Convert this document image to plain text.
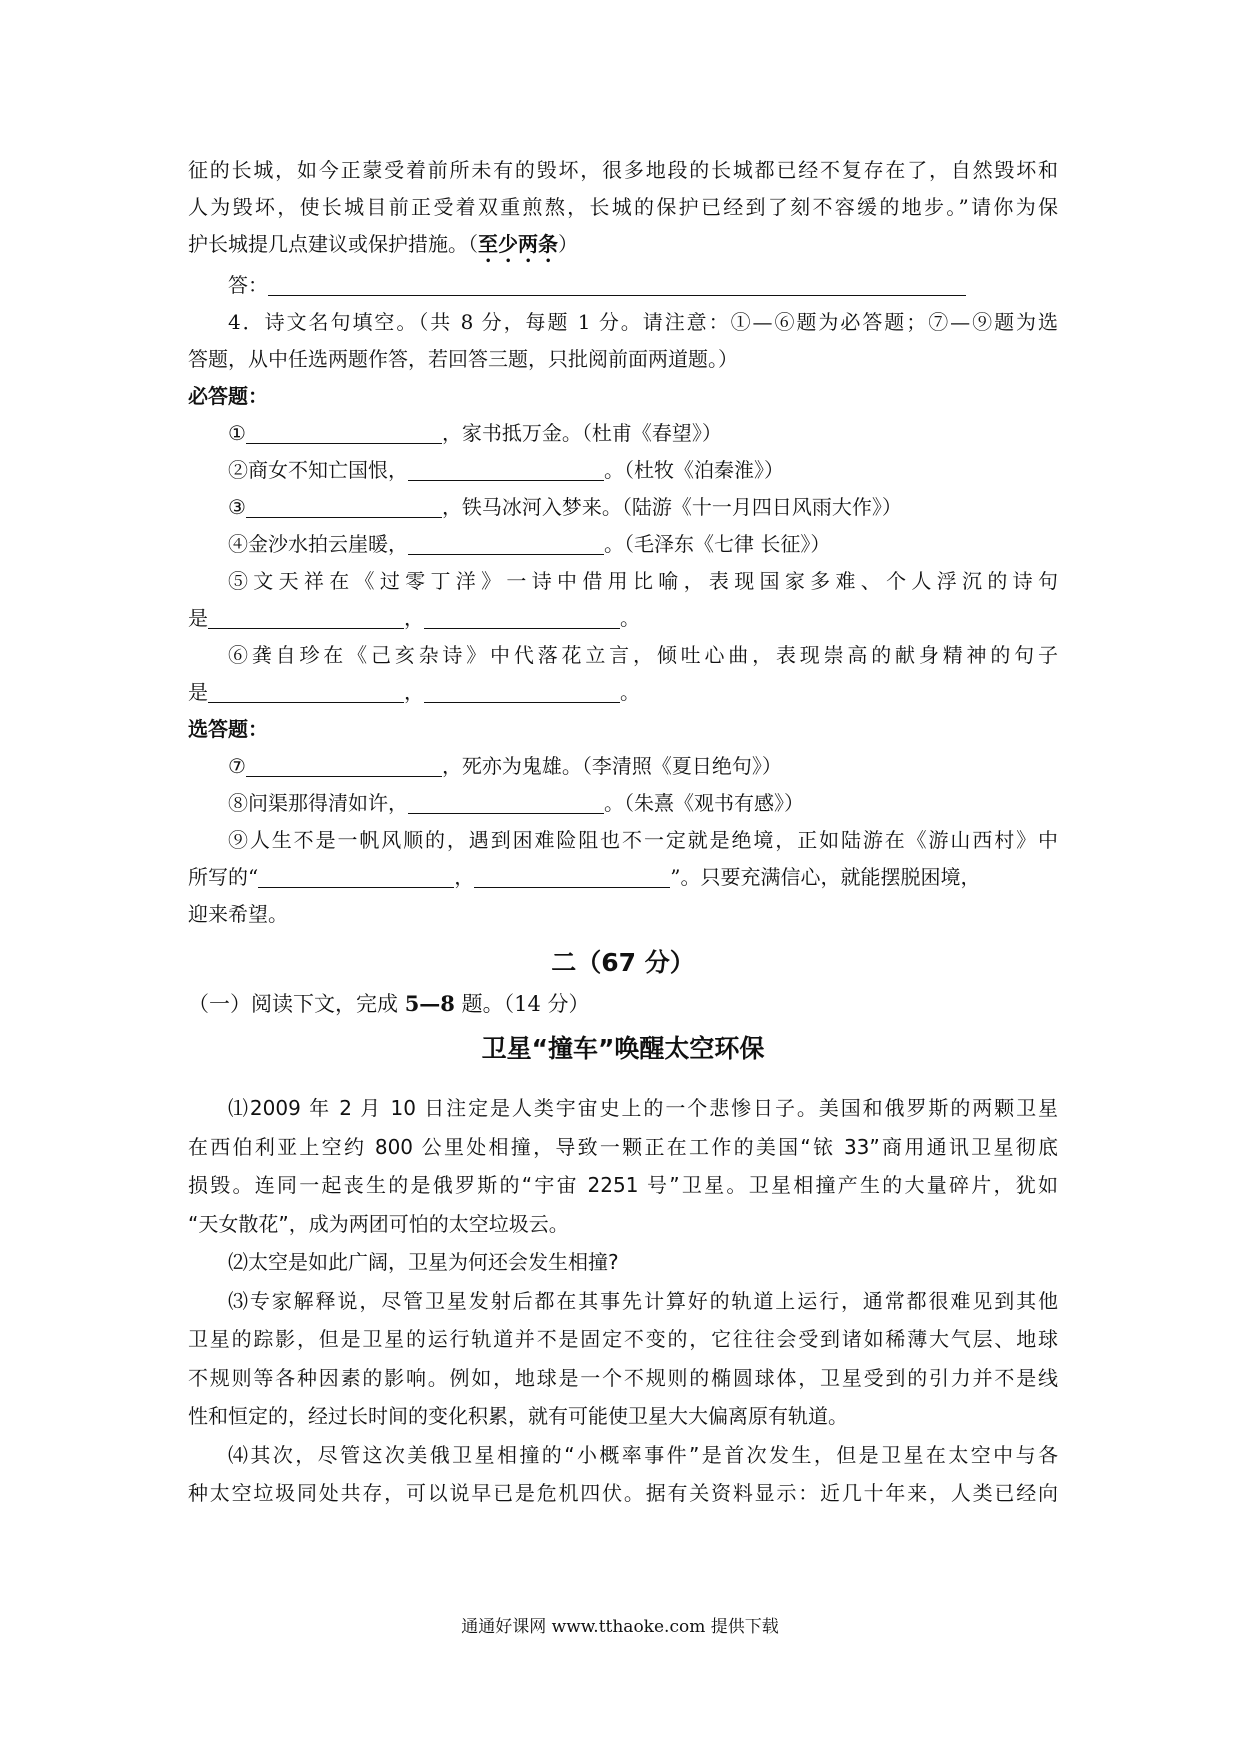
征的长城，如今正蒙受着前所未有的毁坏，很多地段的长城都已经不复存在了，自然毁坏和
人为毁坏，使长城目前正受着双重煎熬，长城的保护已经到了刻不容缓的地步。”请你为保
护长城提几点建议或保护措施。（至少两条）
答：
4．诗文名句填空。（共 8 分，每题 1 分。请注意：①—⑥题为必答题；⑦—⑨题为选
答题，从中任选两题作答，若回答三题，只批阅前面两道题。）
必答题：
①	，家书抵万金。（杜甫《春望》）
②商女不知亡国恨，	。（杜牧《泊秦淮》）
③	，铁马冰河入梦来。（陆游《十一月四日风雨大作》）
④金沙水拍云崖暖，	。（毛泽东《七律 长征》）
⑤文天祥在《过零丁洋》一诗中借用比喻，表现国家多难、个人浮沉的诗句
是	，	。
⑥龚自珍在《己亥杂诗》中代落花立言，倾吐心曲，表现崇高的献身精神的句子
是	，	。
选答题：
⑦	，死亦为鬼雄。（李清照《夏日绝句》）
⑧问渠那得清如许，	。（朱熹《观书有感》）
⑨人生不是一帆风顺的，遇到困难险阻也不一定就是绝境，正如陆游在《游山西村》中
所写的“	，	”。只要充满信心，就能摆脱困境，
迎来希望。
二（67 分）
（一）阅读下文，完成 5—8 题。（14 分）
卫星“撞车”唤醒太空环保
⑴2009 年 2 月 10 日注定是人类宇宙史上的一个悲惨日子。美国和俄罗斯的两颗卫星
在西伯利亚上空约 800 公里处相撞，导致一颗正在工作的美国“铱 33”商用通讯卫星彻底
损毁。连同一起丧生的是俄罗斯的“宇宙 2251 号”卫星。卫星相撞产生的大量碎片，犹如
“天女散花”，成为两团可怕的太空垃圾云。
⑵太空是如此广阔，卫星为何还会发生相撞?
⑶专家解释说，尽管卫星发射后都在其事先计算好的轨道上运行，通常都很难见到其他
卫星的踪影，但是卫星的运行轨道并不是固定不变的，它往往会受到诸如稀薄大气层、地球
不规则等各种因素的影响。例如，地球是一个不规则的椭圆球体，卫星受到的引力并不是线
性和恒定的，经过长时间的变化积累，就有可能使卫星大大偏离原有轨道。
⑷其次，尽管这次美俄卫星相撞的“小概率事件”是首次发生，但是卫星在太空中与各
种太空垃圾同处共存，可以说早已是危机四伏。据有关资料显示：近几十年来，人类已经向
通通好课网 www.tthaoke.com 提供下载
